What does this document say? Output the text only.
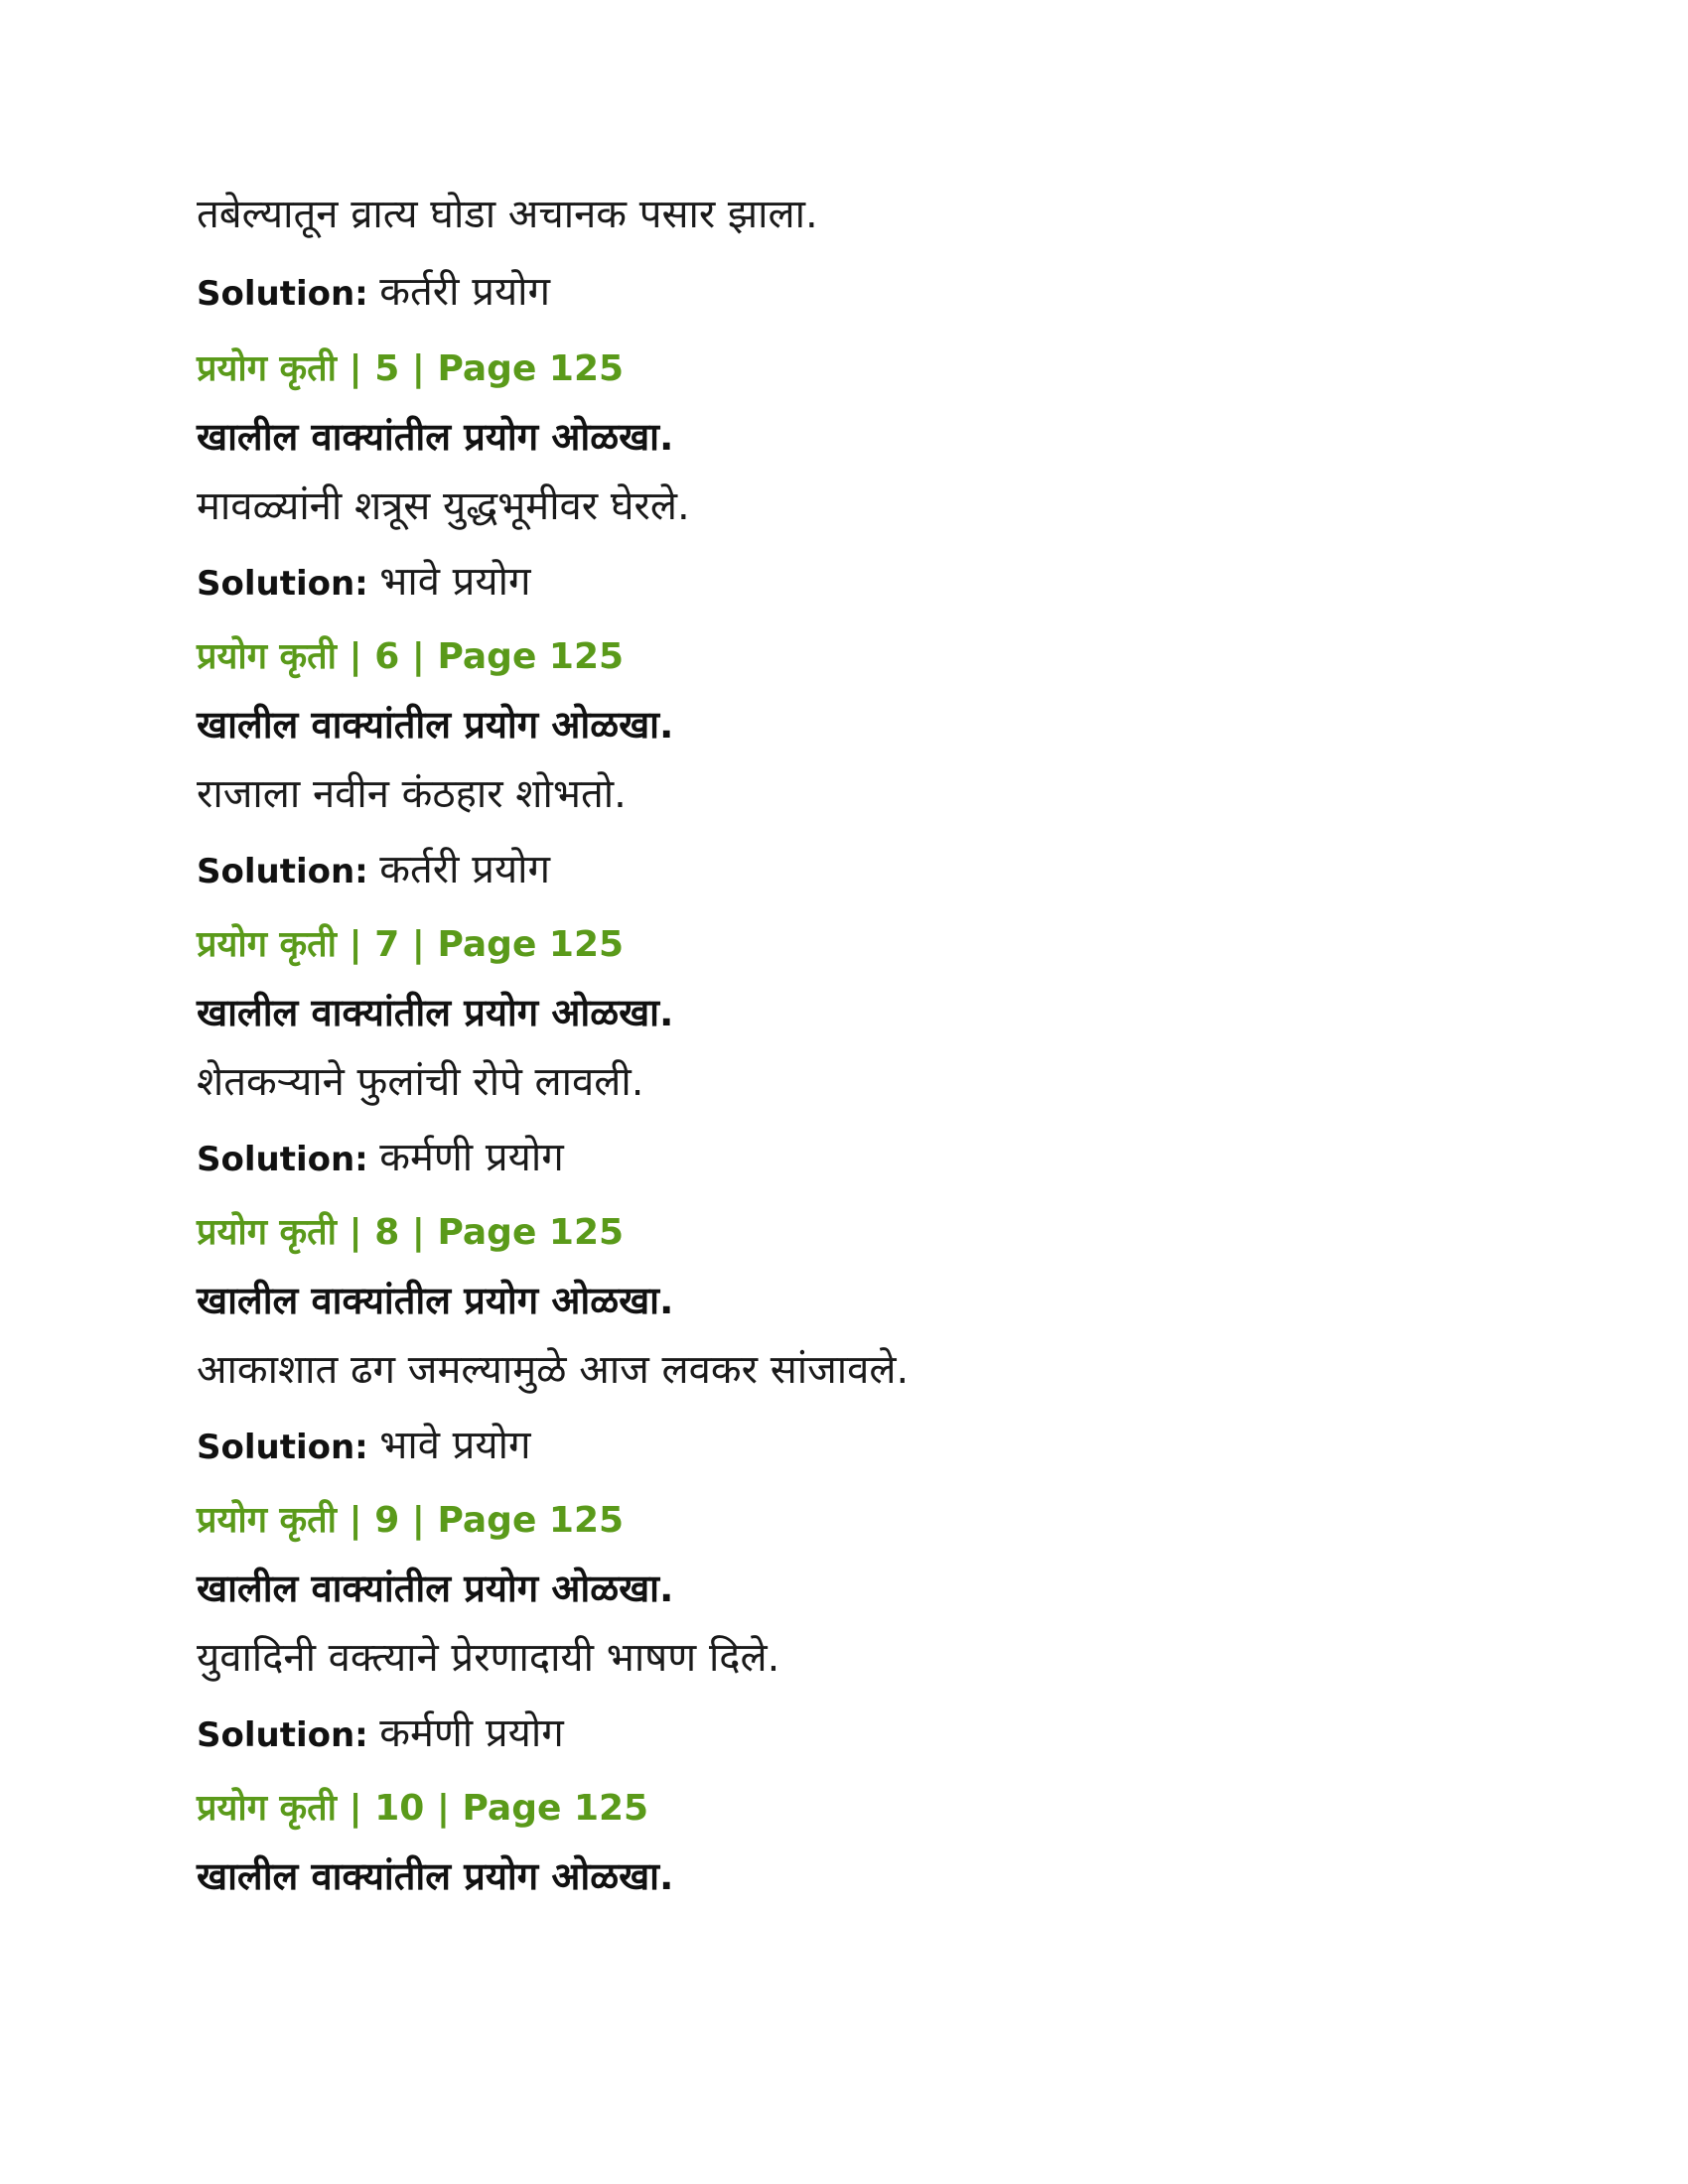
तबेल्यातून व्रात्य घोडा अचानक पसार झाला.
Solution: कर्तरी प्रयोग
प्रयोग कृती | 5 | Page 125
खालील वाक्यांतील प्रयोग ओळखा.
मावळ्यांनी शत्रूस युद्धभूमीवर घेरले.
Solution: भावे प्रयोग
प्रयोग कृती | 6 | Page 125
खालील वाक्यांतील प्रयोग ओळखा.
राजाला नवीन कंठहार शोभतो.
Solution: कर्तरी प्रयोग
प्रयोग कृती | 7 | Page 125
खालील वाक्यांतील प्रयोग ओळखा.
शेतकऱ्याने फुलांची रोपे लावली.
Solution: कर्मणी प्रयोग
प्रयोग कृती | 8 | Page 125
खालील वाक्यांतील प्रयोग ओळखा.
आकाशात ढग जमल्यामुळे आज लवकर सांजावले.
Solution: भावे प्रयोग
प्रयोग कृती | 9 | Page 125
खालील वाक्यांतील प्रयोग ओळखा.
युवादिनी वक्त्याने प्रेरणादायी भाषण दिले.
Solution: कर्मणी प्रयोग
प्रयोग कृती | 10 | Page 125
खालील वाक्यांतील प्रयोग ओळखा.
